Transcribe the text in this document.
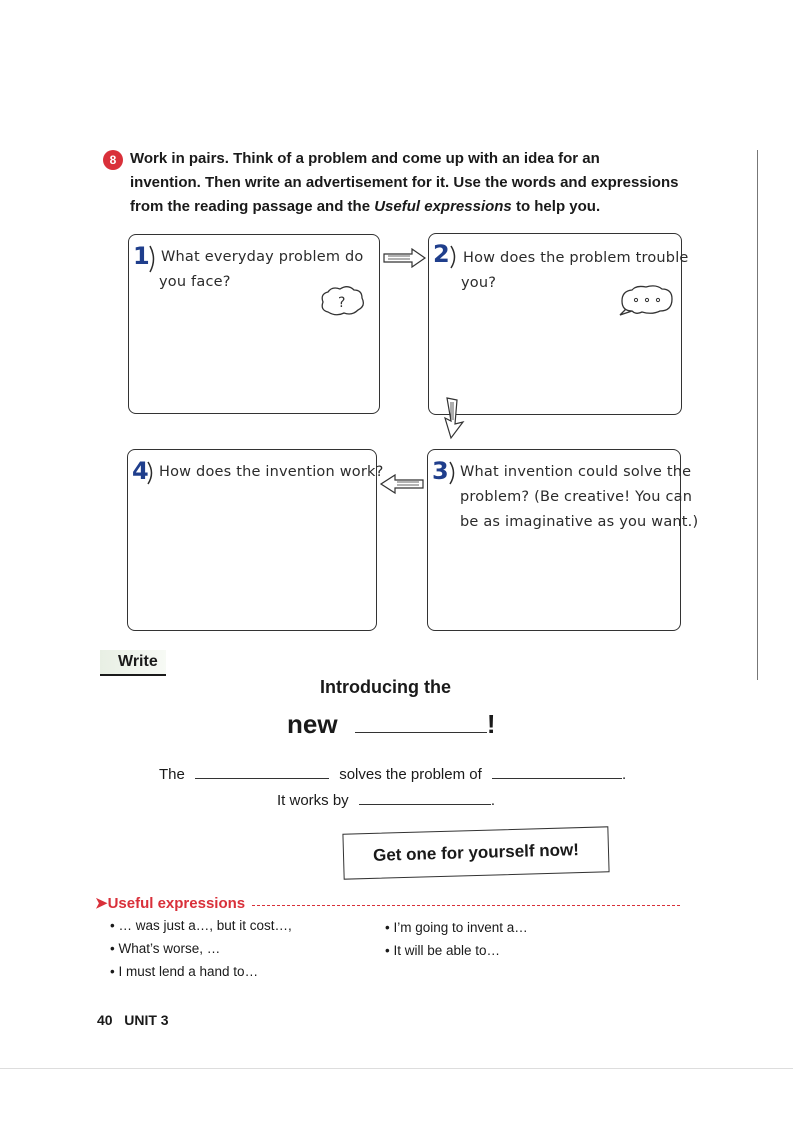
8 Work in pairs. Think of a problem and come up with an idea for an
invention. Then write an advertisement for it. Use the words and expressions
from the reading passage and the Useful expressions to help you.
1 What everyday problem do
you face?
?
2 How does the problem trouble
you?
4 How does the invention work? 3 What invention could solve the
problem? (Be creative! You can
be as imaginative as you want.)
Write
Introducing the
new	!
The	solves the problem of	.
It works by	.
Get one for yourself now!
➤Useful expressions
• … was just a…, but it cost…,
• What’s worse, …
• I must lend a hand to…
• I’m going to invent a…
• It will be able to…
40 UNIT 3
